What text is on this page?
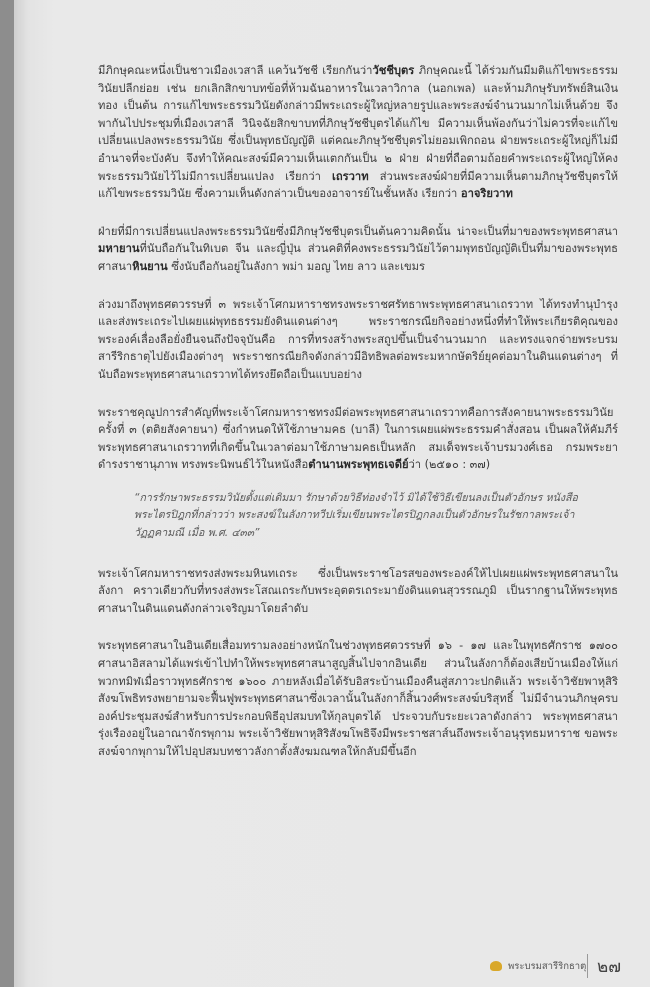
มีภิกษุคณะหนึ่งเป็นชาวเมืองเวสาลี แคว้นวัชชี เรียกกันว่าวัชชีบุตร ภิกษุคณะนี้ ได้ร่วมกันมีมติแก้ไขพระธรรมวินัยปลีกย่อย เช่น ยกเลิกสิกขาบทข้อที่ห้ามฉันอาหารในเวลาวิกาล (นอกเพล) และห้ามภิกษุรับทรัพย์สินเงินทอง เป็นต้น การแก้ไขพระธรรมวินัยดังกล่าวมีพระเถระผู้ใหญ่หลายรูปและพระสงฆ์จำนวนมากไม่เห็นด้วย จึงพากันไปประชุมที่เมืองเวสาลี วินิจฉัยสิกขาบทที่ภิกษุวัชชีบุตรได้แก้ไข มีความเห็นพ้องกันว่าไม่ควรที่จะแก้ไขเปลี่ยนแปลงพระธรรมวินัย ซึ่งเป็นพุทธบัญญัติ แต่คณะภิกษุวัชชีบุตรไม่ยอมเพิกถอน ฝ่ายพระเถระผู้ใหญ่ก็ไม่มีอำนาจที่จะบังคับ จึงทำให้คณะสงฆ์มีความเห็นแตกกันเป็น ๒ ฝ่าย ฝ่ายที่ถือตามถ้อยคำพระเถระผู้ใหญ่ให้คงพระธรรมวินัยไว้ไม่มีการเปลี่ยนแปลง เรียกว่า เถรวาท ส่วนพระสงฆ์ฝ่ายที่มีความเห็นตามภิกษุวัชชีบุตรให้แก้ไขพระธรรมวินัย ซึ่งความเห็นดังกล่าวเป็นของอาจารย์ในชั้นหลัง เรียกว่า อาจริยวาท

ฝ่ายที่มีการเปลี่ยนแปลงพระธรรมวินัยซึ่งมีภิกษุวัชชีบุตรเป็นต้นความคิดนั้น น่าจะเป็นที่มาของพระพุทธศาสนามหายานที่นับถือกันในทิเบต จีน และญี่ปุ่น ส่วนคติที่คงพระธรรมวินัยไว้ตามพุทธบัญญัติเป็นที่มาของพระพุทธศาสนาหินยาน ซึ่งนับถือกันอยู่ในลังกา พม่า มอญ ไทย ลาว และเขมร

ล่วงมาถึงพุทธศตวรรษที่ ๓ พระเจ้าโศกมหาราชทรงพระราชศรัทธาพระพุทธศาสนาเถรวาท ได้ทรงทำนุบำรุงและส่งพระเถระไปเผยแผ่พุทธธรรมยังดินแดนต่างๆ พระราชกรณียกิจอย่างหนึ่งที่ทำให้พระเกียรติคุณของพระองค์เลื่องลือยั่งยืนจนถึงปัจจุบันคือ การที่ทรงสร้างพระสถูปขึ้นเป็นจำนวนมาก และทรงแจกจ่ายพระบรมสารีริกธาตุไปยังเมืองต่างๆ พระราชกรณียกิจดังกล่าวมีอิทธิพลต่อพระมหากษัตริย์ยุคต่อมาในดินแดนต่างๆ ที่นับถือพระพุทธศาสนาเถรวาทได้ทรงยึดถือเป็นแบบอย่าง

พระราชคุณูปการสำคัญที่พระเจ้าโศกมหาราชทรงมีต่อพระพุทธศาสนาเถรวาทคือการสังคายนาพระธรรมวินัยครั้งที่ ๓ (ตติยสังคายนา) ซึ่งกำหนดให้ใช้ภาษามคธ (บาลี) ในการเผยแผ่พระธรรมคำสั่งสอน เป็นผลให้คัมภีร์พระพุทธศาสนาเถรวาทที่เกิดขึ้นในเวลาต่อมาใช้ภาษามคธเป็นหลัก สมเด็จพระเจ้าบรมวงศ์เธอ กรมพระยาดำรงราชานุภาพ ทรงพระนิพนธ์ไว้ในหนังสือตำนานพระพุทธเจดีย์ว่า (๒๕๑๐ : ๓๗)

“การรักษาพระธรรมวินัยตั้งแต่เดิมมา รักษาด้วยวิธีท่องจำไว้ มิได้ใช้วิธีเขียนลงเป็นตัวอักษร หนังสือพระไตรปิฎกที่กล่าวว่า พระสงฆ์ในลังกาทวีปเริ่มเขียนพระไตรปิฎกลงเป็นตัวอักษรในรัชกาลพระเจ้าวัฏฏคามณี เมื่อ พ.ศ. ๔๓๓”

พระเจ้าโศกมหาราชทรงส่งพระมหินทเถระ ซึ่งเป็นพระราชโอรสของพระองค์ให้ไปเผยแผ่พระพุทธศาสนาในลังกา คราวเดียวกับที่ทรงส่งพระโสณเถระกับพระอุตตรเถระมายังดินแดนสุวรรณภูมิ เป็นรากฐานให้พระพุทธศาสนาในดินแดนดังกล่าวเจริญมาโดยลำดับ

พระพุทธศาสนาในอินเดียเสื่อมทรามลงอย่างหนักในช่วงพุทธศตวรรษที่ ๑๖ - ๑๗ และในพุทธศักราช ๑๗๐๐ ศาสนาอิสลามได้แพร่เข้าไปทำให้พระพุทธศาสนาสูญสิ้นไปจากอินเดีย ส่วนในลังกาก็ต้องเสียบ้านเมืองให้แก่พวกทมิฬเมื่อราวพุทธศักราช ๑๖๐๐ ภายหลังเมื่อได้รับอิสระบ้านเมืองคืนสู่สภาวะปกติแล้ว พระเจ้าวิชัยพาหุสิริสังฆโพธิทรงพยายามจะฟื้นฟูพระพุทธศาสนาซึ่งเวลานั้นในลังกาก็สิ้นวงศ์พระสงฆ์บริสุทธิ์ ไม่มีจำนวนภิกษุครบองค์ประชุมสงฆ์สำหรับการประกอบพิธีอุปสมบทให้กุลบุตรได้ ประจวบกับระยะเวลาดังกล่าว พระพุทธศาสนารุ่งเรืองอยู่ในอาณาจักรพุกาม พระเจ้าวิชัยพาหุสิริสังฆโพธิจึงมีพระราชสาส์นถึงพระเจ้าอนุรุทธมหาราช ขอพระสงฆ์จากพุกามให้ไปอุปสมบทชาวลังกาตั้งสังฆมณฑลให้กลับมีขึ้นอีก

พระบรมสารีริกธาตุ ๒๗
